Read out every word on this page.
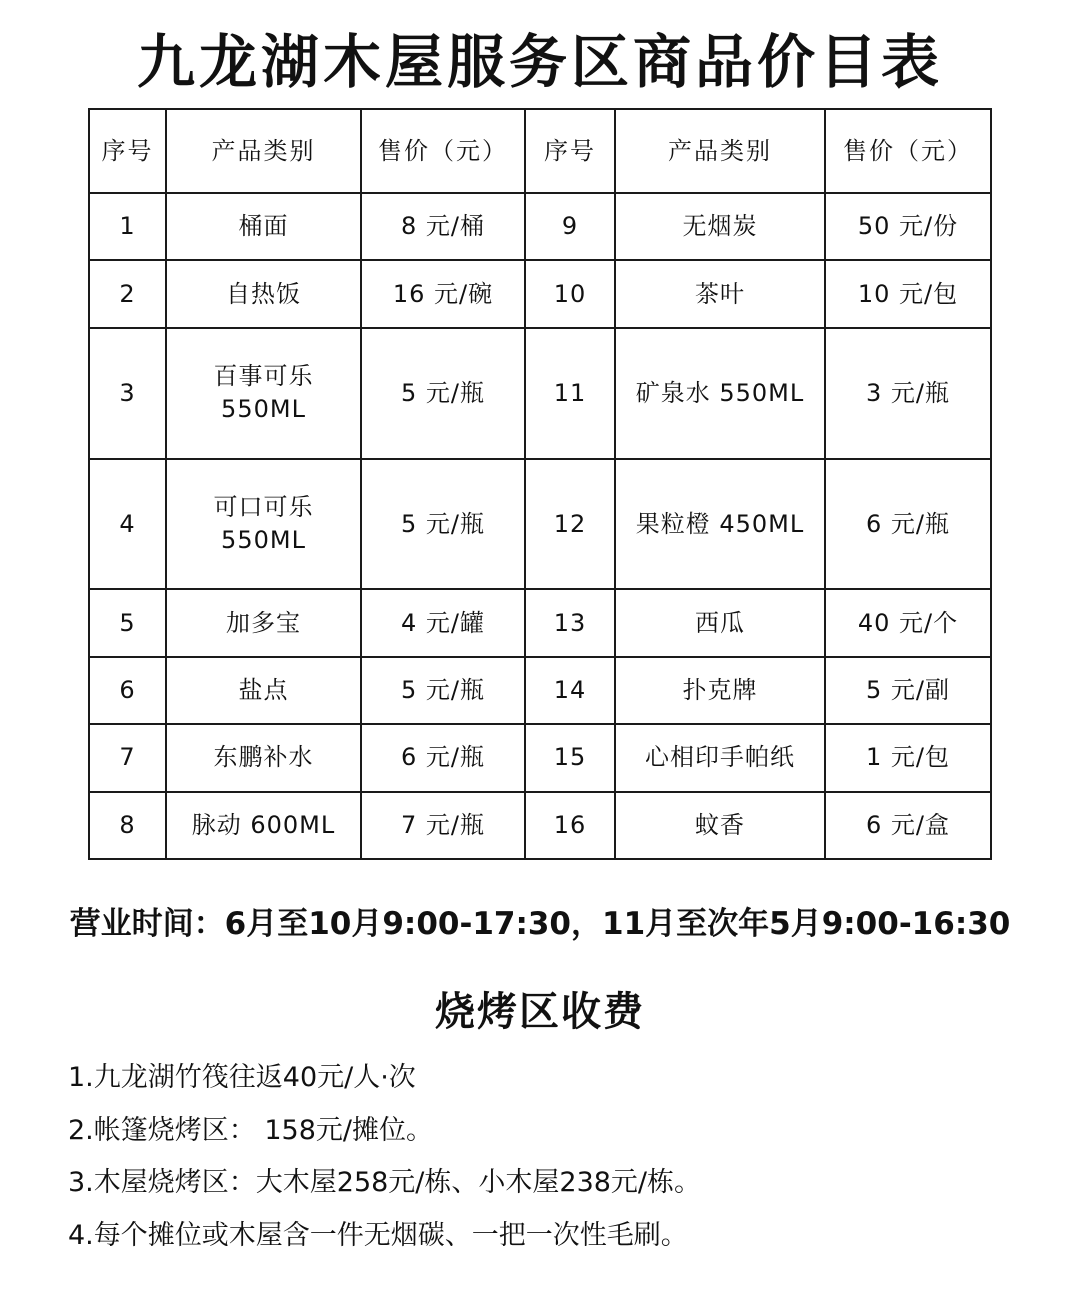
九龙湖木屋服务区商品价目表
序号	产品类别	售价（元）	序号	产品类别	售价（元）
1	桶面	8 元/桶	9	无烟炭	50 元/份
2	自热饭	16 元/碗	10	茶叶	10 元/包
3	百事可乐
550ML	5 元/瓶	11	矿泉水 550ML	3 元/瓶
4	可口可乐
550ML	5 元/瓶	12	果粒橙 450ML	6 元/瓶
5	加多宝	4 元/罐	13	西瓜	40 元/个
6	盐点	5 元/瓶	14	扑克牌	5 元/副
7	东鹏补水	6 元/瓶	15	心相印手帕纸	1 元/包
8	脉动 600ML	7 元/瓶	16	蚊香	6 元/盒
营业时间：6月至10月9:00-17:30，11月至次年5月9:00-16:30
烧烤区收费
1.九龙湖竹筏往返40元/人·次
2.帐篷烧烤区： 158元/摊位。
3.木屋烧烤区：大木屋258元/栋、小木屋238元/栋。
4.每个摊位或木屋含一件无烟碳、一把一次性毛刷。
